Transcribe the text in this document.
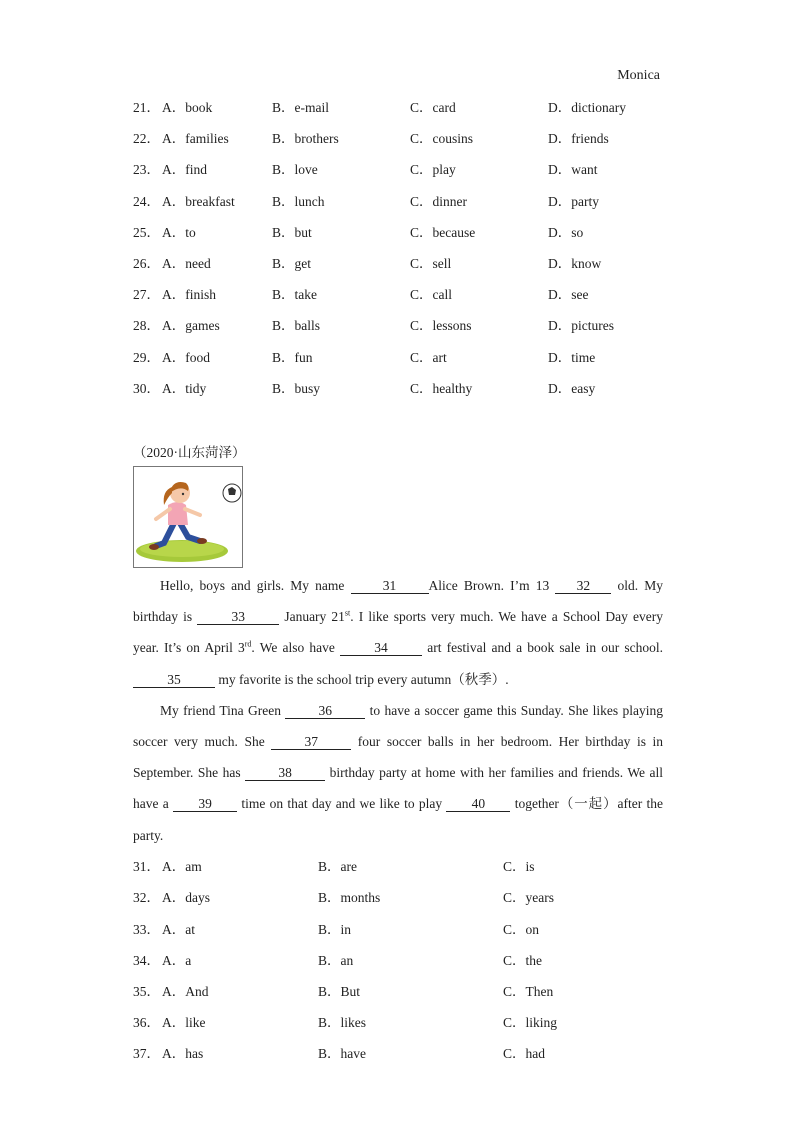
Monica
21． A．book	B．e-mail	C．card	D．dictionary
22． A．families	B．brothers	C．cousins	D．friends
23． A．find	B．love	C．play	D．want
24． A．breakfast	B．lunch	C．dinner	D．party
25． A．to	B．but	C．because	D．so
26． A．need	B．get	C．sell	D．know
27． A．finish	B．take	C．call	D．see
28． A．games	B．balls	C．lessons	D．pictures
29． A．food	B．fun	C．art	D．time
30． A．tidy	B．busy	C．healthy	D．easy
（2020·山东菏泽）

Hello, boys and girls. My name 31 Alice Brown. I’m 13 32 old. My birthday is	33	January 21st. I like sports very much. We have a School Day every year. It’s on April 3rd. We also have	34	art festival and a book sale in our school.35	my favorite is the school trip every autumn（秋季）.

My friend Tina Green 36 to have a soccer game this Sunday. She likes playing soccer very much. She 37 four soccer balls in her bedroom. Her birthday is in September. She has 38 birthday party at home with her families and friends. We all have a 39 time on that day and we like to play 40 together（一起）after the party.

31． A．am	B．are	C．is
32． A．days	B．months	C．years
33． A．at	B．in	C．on
34． A．a	B．an	C．the
35． A．And	B．But	C．Then
36． A．like	B．likes	C．liking
37． A．has	B．have	C．had
